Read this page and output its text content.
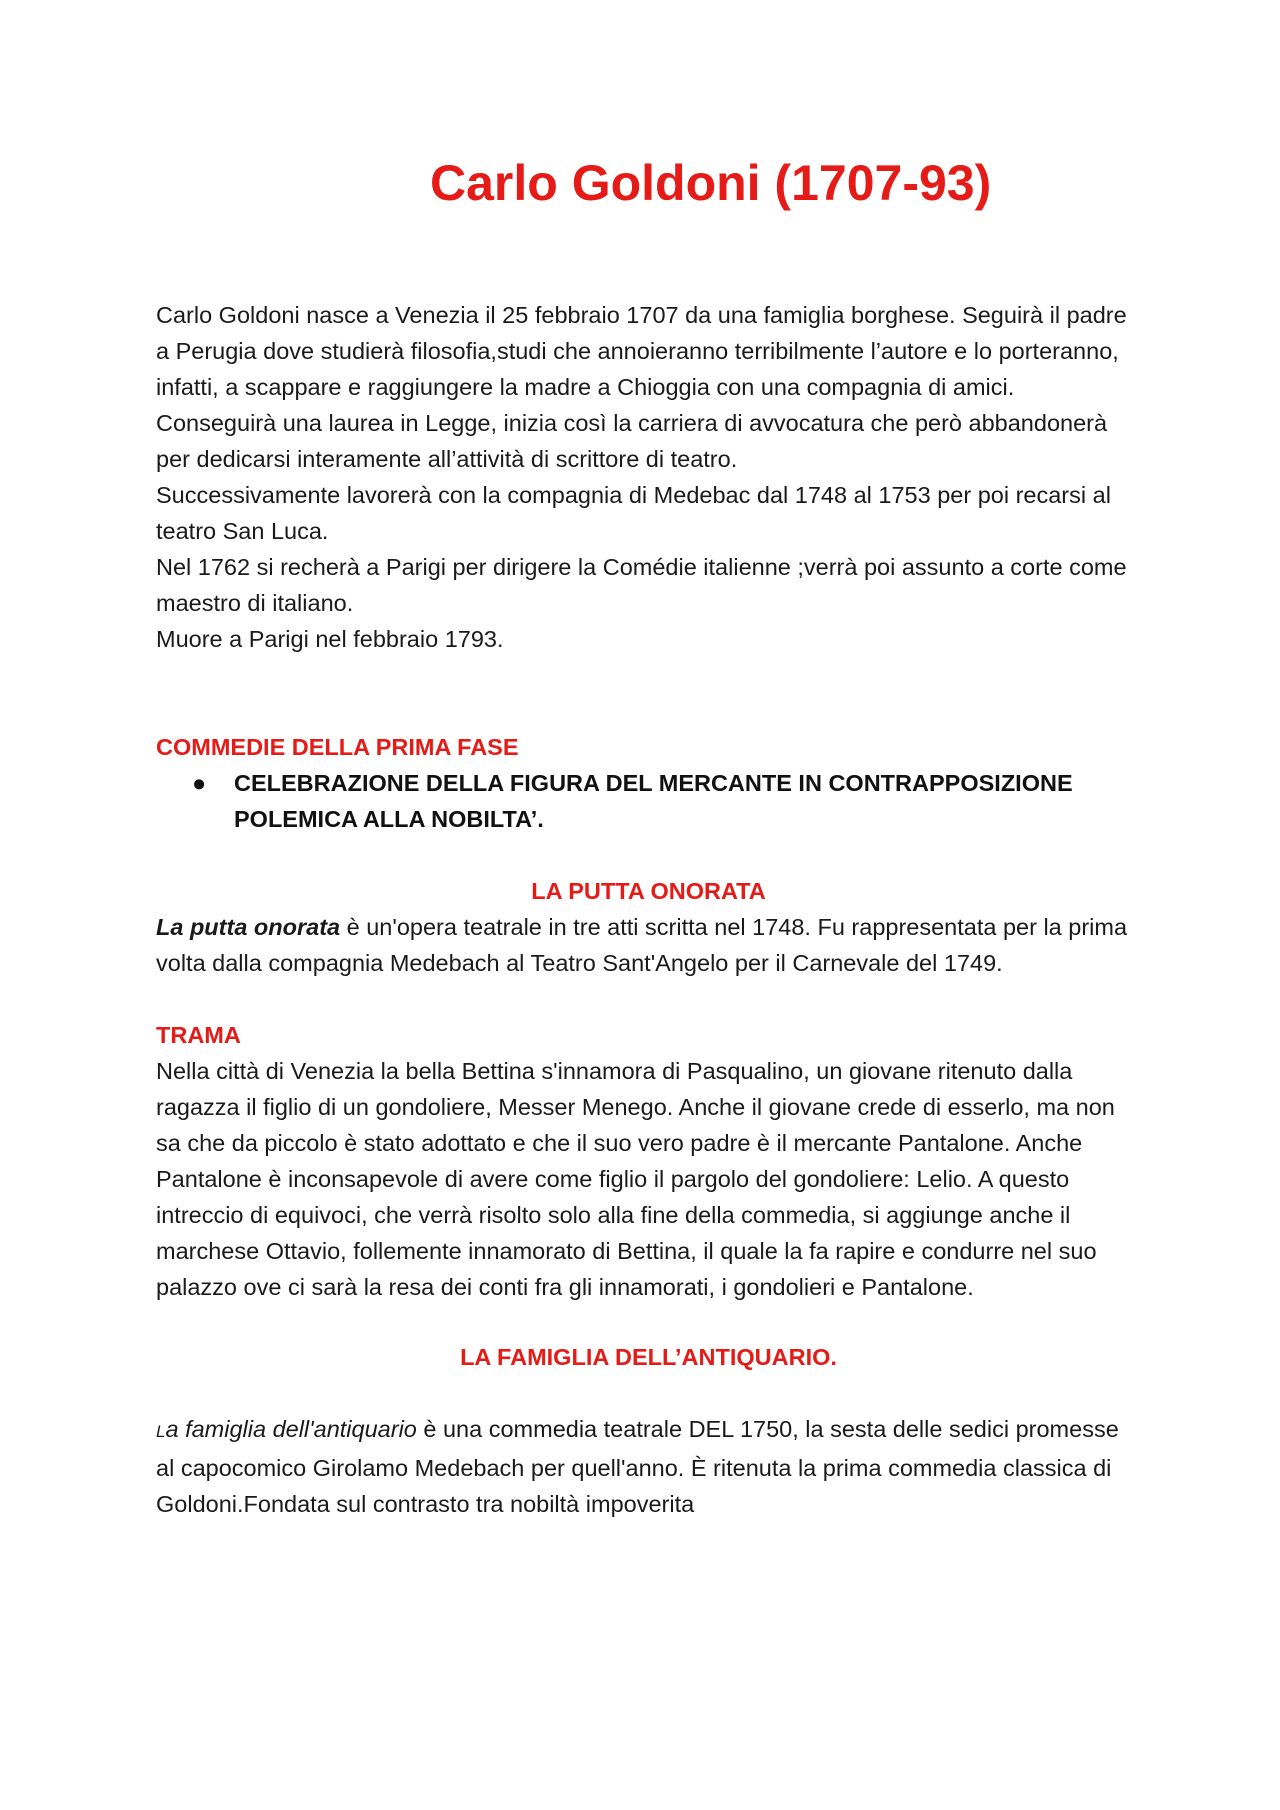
Carlo Goldoni (1707-93)

Carlo Goldoni nasce a Venezia il 25 febbraio 1707 da una famiglia borghese. Seguirà il padre a Perugia dove studierà filosofia,studi che annoieranno terribilmente l’autore e lo porteranno, infatti, a scappare e raggiungere la madre a Chioggia con una compagnia di amici.

Conseguirà una laurea in Legge, inizia così la carriera di avvocatura che però abbandonerà per dedicarsi interamente all’attività di scrittore di teatro.

Successivamente lavorerà con la compagnia di Medebac dal 1748 al 1753 per poi recarsi al teatro San Luca.

Nel 1762 si recherà a Parigi per dirigere la Comédie italienne ;verrà poi assunto a corte come maestro di italiano.

Muore a Parigi nel febbraio 1793.

COMMEDIE DELLA PRIMA FASE

● CELEBRAZIONE DELLA FIGURA DEL MERCANTE IN CONTRAPPOSIZIONE POLEMICA ALLA NOBILTA’.

LA PUTTA ONORATA

La putta onorata è un'opera teatrale in tre atti scritta nel 1748. Fu rappresentata per la prima volta dalla compagnia Medebach al Teatro Sant'Angelo per il Carnevale del 1749.

TRAMA

Nella città di Venezia la bella Bettina s'innamora di Pasqualino, un giovane ritenuto dalla ragazza il figlio di un gondoliere, Messer Menego. Anche il giovane crede di esserlo, ma non sa che da piccolo è stato adottato e che il suo vero padre è il mercante Pantalone. Anche Pantalone è inconsapevole di avere come figlio il pargolo del gondoliere: Lelio. A questo intreccio di equivoci, che verrà risolto solo alla fine della commedia, si aggiunge anche il marchese Ottavio, follemente innamorato di Bettina, il quale la fa rapire e condurre nel suo palazzo ove ci sarà la resa dei conti fra gli innamorati, i gondolieri e Pantalone.

LA FAMIGLIA DELL’ANTIQUARIO.

La famiglia dell'antiquario è una commedia teatrale DEL 1750, la sesta delle sedici promesse al capocomico Girolamo Medebach per quell'anno. È ritenuta la prima commedia classica di Goldoni.Fondata sul contrasto tra nobiltà impoverita
